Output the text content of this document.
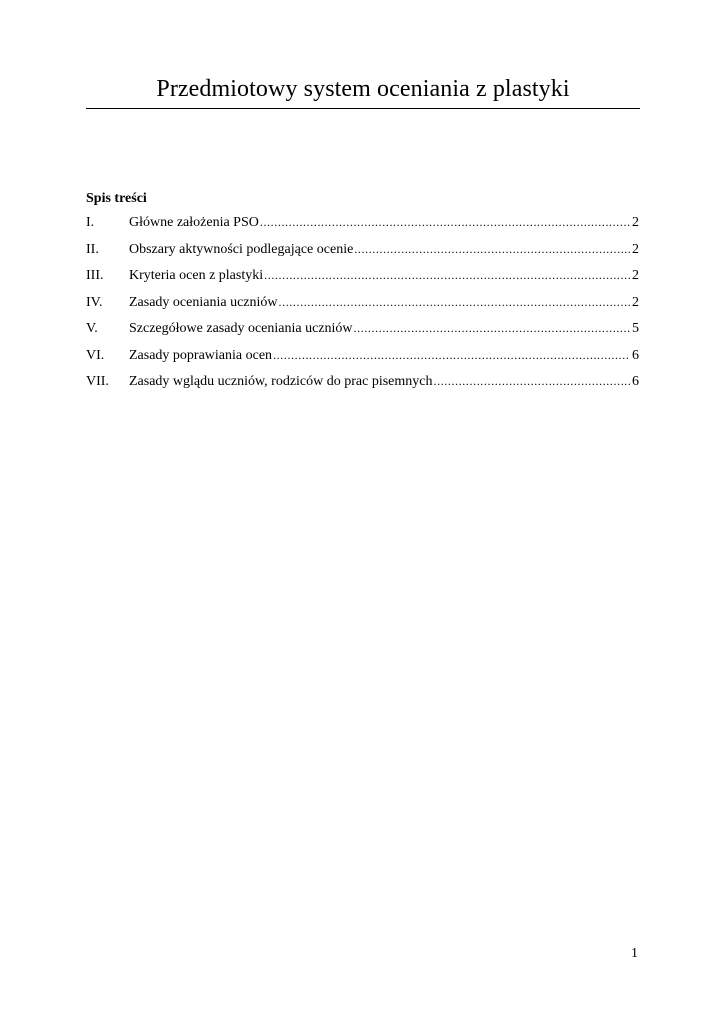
Przedmiotowy system oceniania z plastyki
Spis treści
I.	Główne założenia PSO .....	2
II.	Obszary aktywności podlegające ocenie .....	2
III.	Kryteria ocen z plastyki .....	2
IV.	Zasady oceniania uczniów .....	2
V.	Szczegółowe zasady oceniania uczniów .....	5
VI.	Zasady poprawiania ocen .....	6
VII.	Zasady wglądu uczniów, rodziców do prac pisemnych .....	6
1
